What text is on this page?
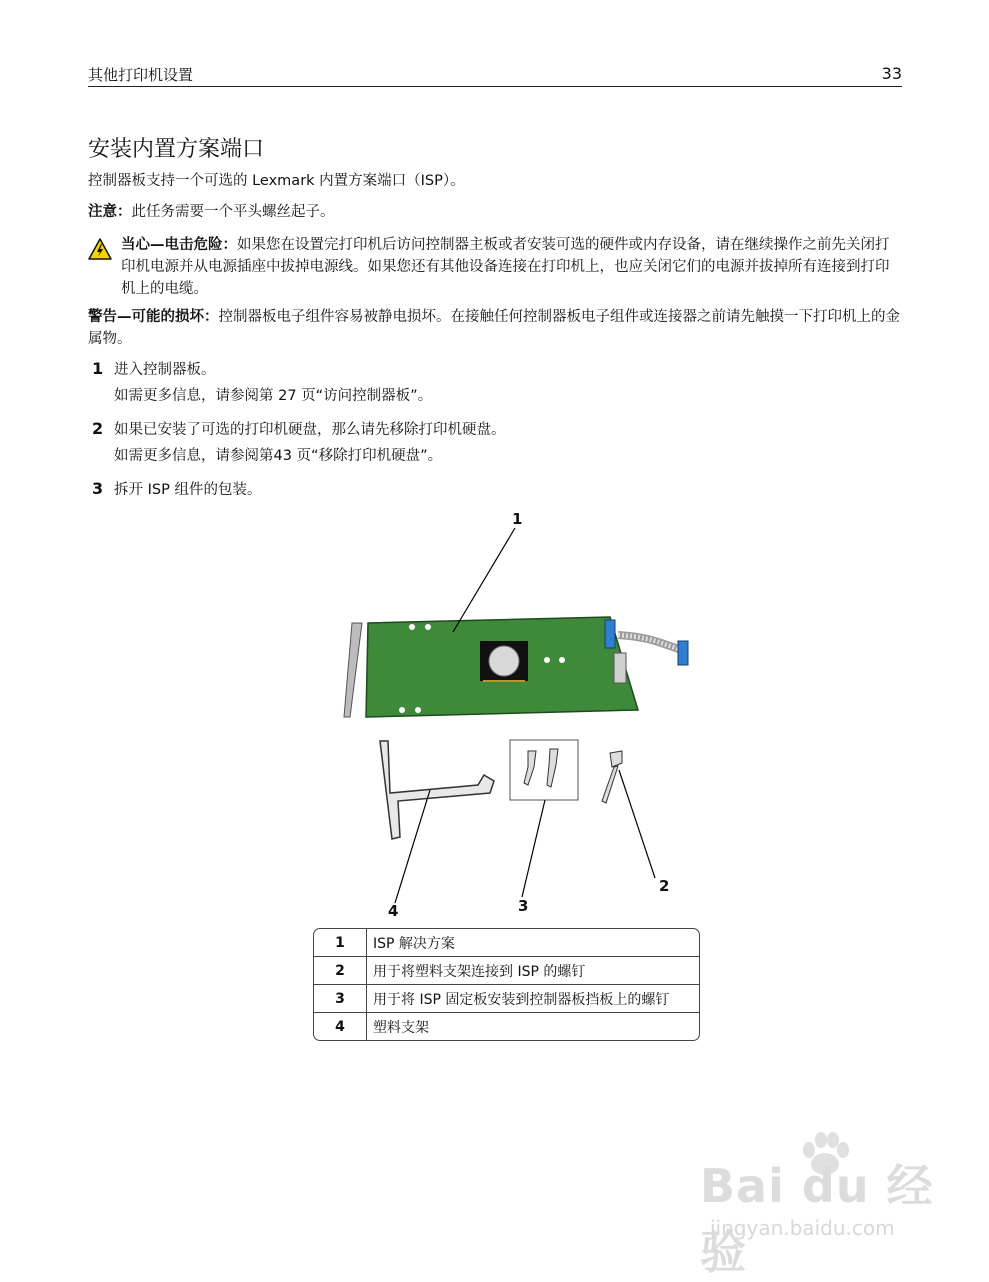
其他打印机设置	33
安装内置方案端口
控制器板支持一个可选的 Lexmark 内置方案端口（ISP）。
注意：此任务需要一个平头螺丝起子。
当心—电击危险：如果您在设置完打印机后访问控制器主板或者安装可选的硬件或内存设备，请在继续操作之前先关闭打印机电源并从电源插座中拔掉电源线。如果您还有其他设备连接在打印机上，也应关闭它们的电源并拔掉所有连接到打印机上的电缆。
警告—可能的损坏：控制器板电子组件容易被静电损坏。在接触任何控制器板电子组件或连接器之前请先触摸一下打印机上的金属物。
1 进入控制器板。
如需更多信息，请参阅第 27 页“访问控制器板”。
2 如果已安装了可选的打印机硬盘，那么请先移除打印机硬盘。
如需更多信息，请参阅第43 页“移除打印机硬盘”。
3 拆开 ISP 组件的包装。
1
2
3
4
1	ISP 解决方案
2	用于将塑料支架连接到 ISP 的螺钉
3	用于将 ISP 固定板安装到控制器板挡板上的螺钉
4	塑料支架
Bai du 经验
jingyan.baidu.com
